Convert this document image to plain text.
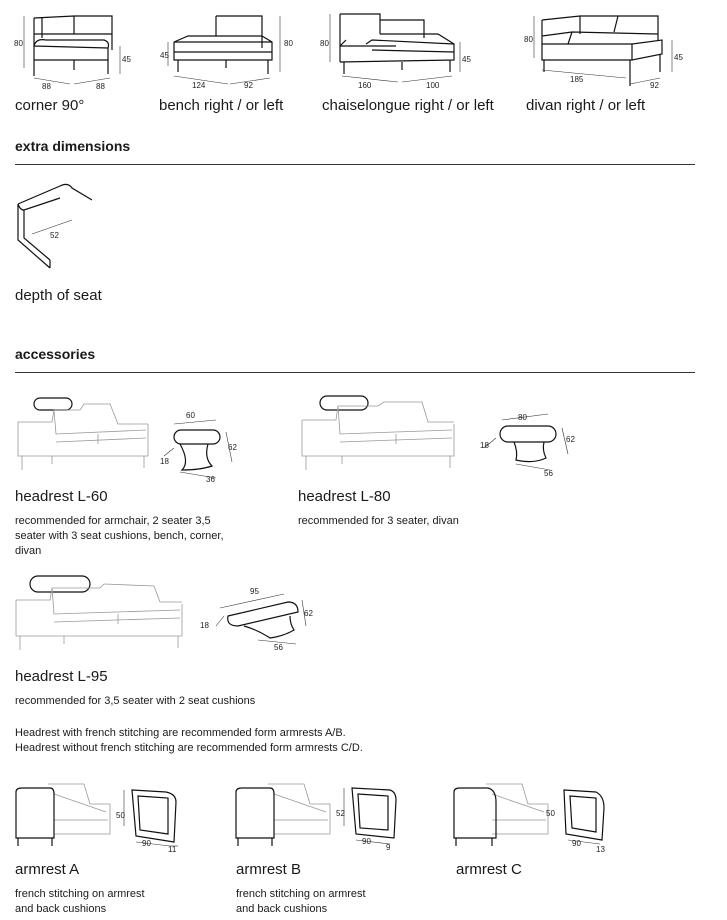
80
45
88	88
corner 90°
45
80
124	92
bench right / or left
80
45
160	100
chaiselongue right / or left
80
45
185
92
divan right / or left
extra dimensions
52
depth of seat
accessories
60
62
18
36
headrest L-60
recommended for armchair, 2 seater 3,5 seater with 3 seat cushions, bench, corner, divan
80
62
18
56
headrest L-80
recommended for 3 seater, divan
95
62
18
56
headrest L-95
recommended for 3,5 seater with 2 seat cushions
Headrest with french stitching are recommended form armrests A/B.
Headrest without french stitching are recommended form armrests C/D.
50
90
11
armrest A
french stitching on armrest
and back cushions
52
90
9
armrest B
french stitching on armrest
and back cushions
50
90
13
armrest C
